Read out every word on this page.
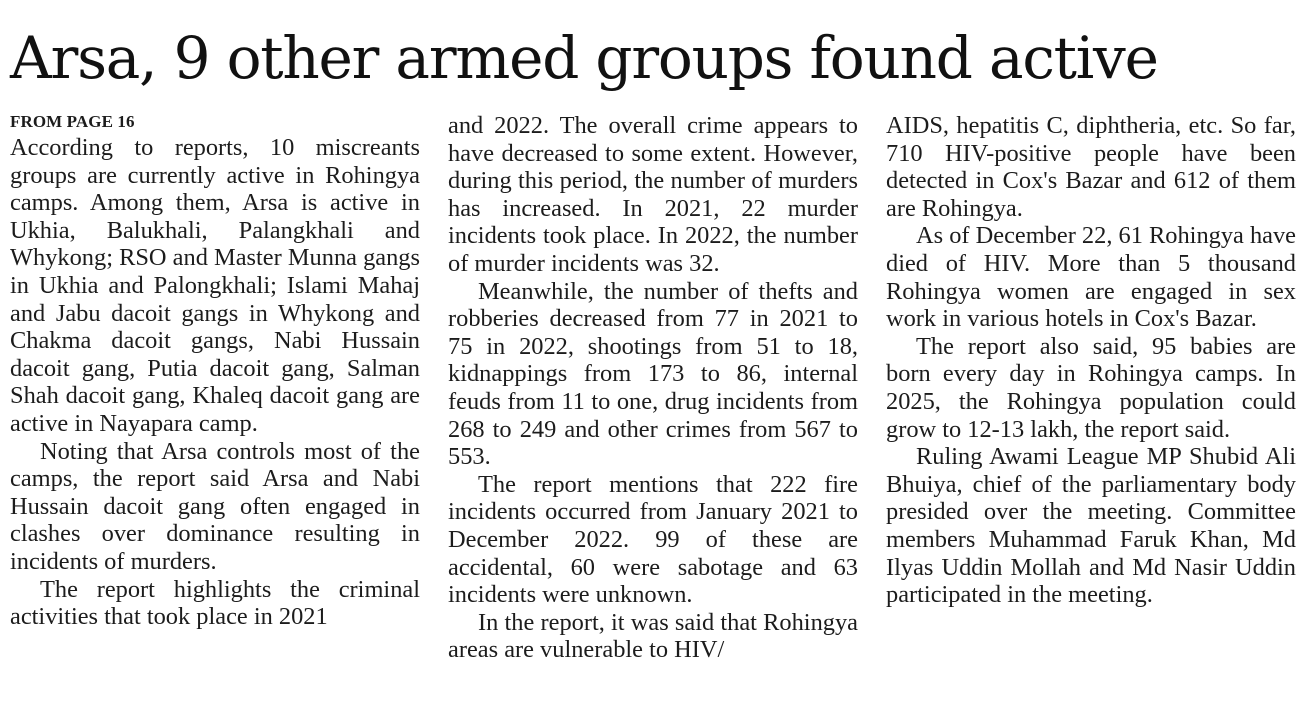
Arsa, 9 other armed groups found active
FROM PAGE 16

According to reports, 10 miscreants groups are currently active in Rohingya camps. Among them, Arsa is active in Ukhia, Balukhali, Palangkhali and Whykong; RSO and Master Munna gangs in Ukhia and Palongkhali; Islami Mahaj and Jabu dacoit gangs in Whykong and Chakma dacoit gangs, Nabi Hussain dacoit gang, Putia dacoit gang, Salman Shah dacoit gang, Khaleq dacoit gang are active in Nayapara camp.

Noting that Arsa controls most of the camps, the report said Arsa and Nabi Hussain dacoit gang often engaged in clashes over dominance resulting in incidents of murders.

The report highlights the criminal activities that took place in 2021

and 2022. The overall crime appears to have decreased to some extent. However, during this period, the number of murders has increased. In 2021, 22 murder incidents took place. In 2022, the number of murder incidents was 32.

Meanwhile, the number of thefts and robberies decreased from 77 in 2021 to 75 in 2022, shootings from 51 to 18, kidnappings from 173 to 86, internal feuds from 11 to one, drug incidents from 268 to 249 and other crimes from 567 to 553.

The report mentions that 222 fire incidents occurred from January 2021 to December 2022. 99 of these are accidental, 60 were sabotage and 63 incidents were unknown.

In the report, it was said that Rohingya areas are vulnerable to HIV/

AIDS, hepatitis C, diphtheria, etc. So far, 710 HIV-positive people have been detected in Cox's Bazar and 612 of them are Rohingya.

As of December 22, 61 Rohingya have died of HIV. More than 5 thousand Rohingya women are engaged in sex work in various hotels in Cox's Bazar.

The report also said, 95 babies are born every day in Rohingya camps. In 2025, the Rohingya population could grow to 12-13 lakh, the report said.

Ruling Awami League MP Shubid Ali Bhuiya, chief of the parliamentary body presided over the meeting. Committee members Muhammad Faruk Khan, Md Ilyas Uddin Mollah and Md Nasir Uddin participated in the meeting.
